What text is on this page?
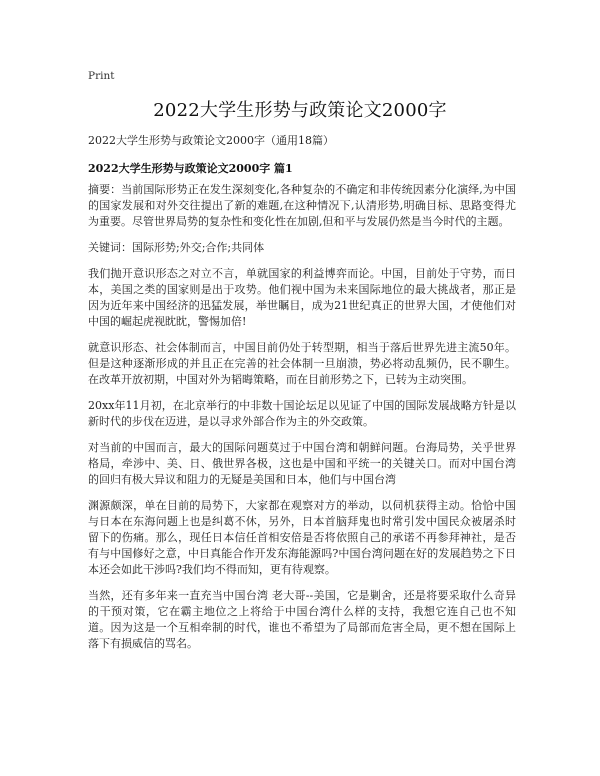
Print
2022大学生形势与政策论文2000字
2022大学生形势与政策论文2000字（通用18篇）
2022大学生形势与政策论文2000字 篇1

摘要：当前国际形势正在发生深刻变化,各种复杂的不确定和非传统因素分化演绎,为中国的国家发展和对外交往提出了新的难题,在这种情况下,认清形势,明确目标、思路变得尤为重要。尽管世界局势的复杂性和变化性在加剧,但和平与发展仍然是当今时代的主题。

关键词：国际形势;外交;合作;共同体

我们抛开意识形态之对立不言，单就国家的利益博弈而论。中国，目前处于守势，而日本，美国之类的国家则是出于攻势。他们视中国为未来国际地位的最大挑战者，那正是因为近年来中国经济的迅猛发展，举世瞩目，成为21世纪真正的世界大国，才使他们对中国的崛起虎视眈眈，警惕加倍!

就意识形态、社会体制而言，中国目前仍处于转型期，相当于落后世界先进主流50年。但是这种逐渐形成的并且正在完善的社会体制一旦崩溃，势必将动乱频仍，民不聊生。在改革开放初期，中国对外为韬晦策略，而在目前形势之下，已转为主动突围。

20xx年11月初，在北京举行的中非数十国论坛足以见证了中国的国际发展战略方针是以新时代的步伐在迈进，是以寻求外部合作为主的外交政策。

对当前的中国而言，最大的国际问题莫过于中国台湾和朝鲜问题。台海局势，关乎世界格局，牵涉中、美、日、俄世界各极，这也是中国和平统一的关键关口。而对中国台湾的回归有极大异议和阻力的无疑是美国和日本，他们与中国台湾

渊源颇深，单在目前的局势下，大家都在观察对方的举动，以伺机获得主动。恰恰中国与日本在东海问题上也是纠葛不休，另外，日本首脑拜鬼也时常引发中国民众被屠杀时留下的伤痛。那么，现任日本信任首相安倍是否将依照自己的承诺不再参拜神社，是否有与中国修好之意，中日真能合作开发东海能源吗?中国台湾问题在好的发展趋势之下日本还会如此干涉吗?我们均不得而知，更有待观察。

当然，还有多年来一直充当中国台湾 老大哥--美国，它是剿舍，还是将要采取什么奇异的干预对策，它在霸主地位之上将给于中国台湾什么样的支持，我想它连自己也不知道。因为这是一个互相牵制的时代，谁也不希望为了局部而危害全局，更不想在国际上落下有损威信的骂名。
